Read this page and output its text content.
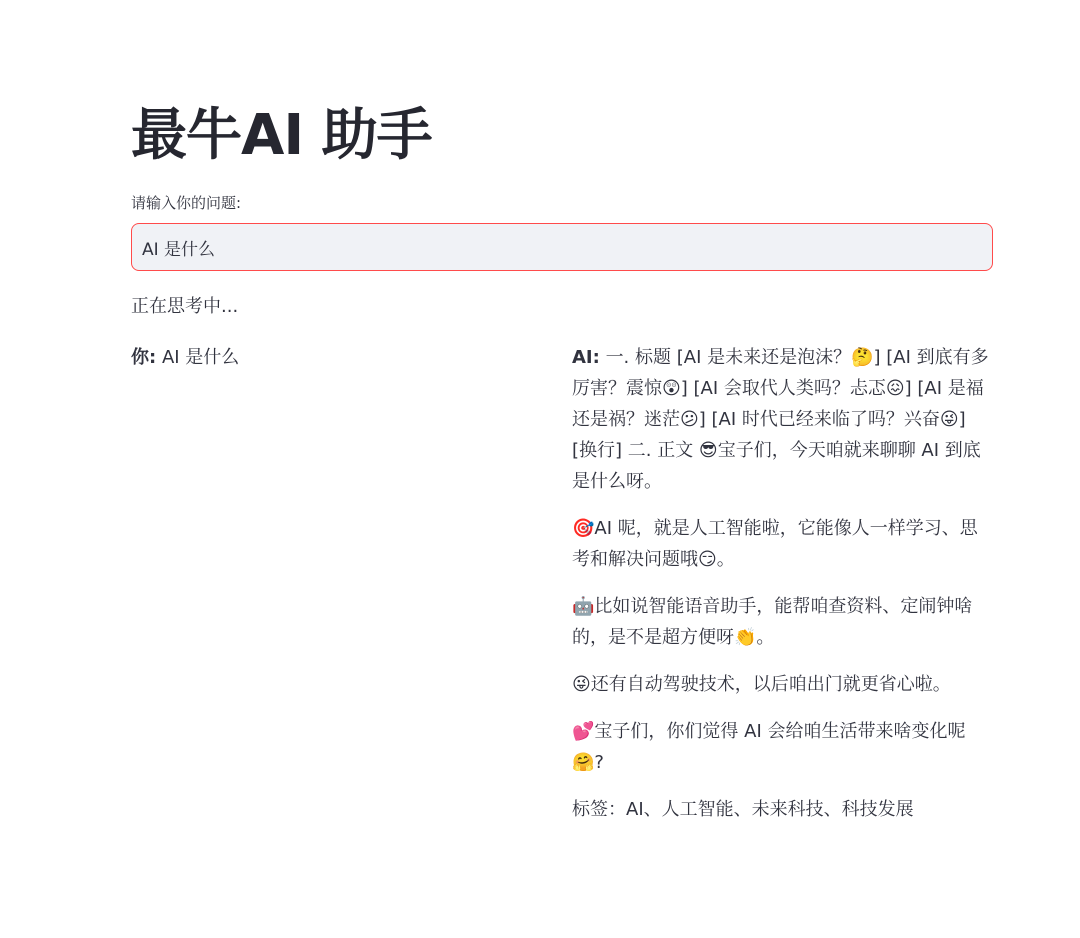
最牛AI 助手
请输入你的问题:
AI 是什么
正在思考中...
你: AI 是什么	AI: 一. 标题 [AI 是未来还是泡沫？🤔] [AI 到底有多厉害？震惊😲] [AI 会取代人类吗？忐忑😖] [AI 是福还是祸？迷茫😕] [AI 时代已经来临了吗？兴奋😜] [换行] 二. 正文 😎宝子们，今天咱就来聊聊 AI 到底是什么呀。

🎯AI 呢，就是人工智能啦，它能像人一样学习、思考和解决问题哦😏。

🤖比如说智能语音助手，能帮咱查资料、定闹钟啥的，是不是超方便呀👏。

😜还有自动驾驶技术，以后咱出门就更省心啦。

💕宝子们，你们觉得 AI 会给咱生活带来啥变化呢🤗?

标签：AI、人工智能、未来科技、科技发展
